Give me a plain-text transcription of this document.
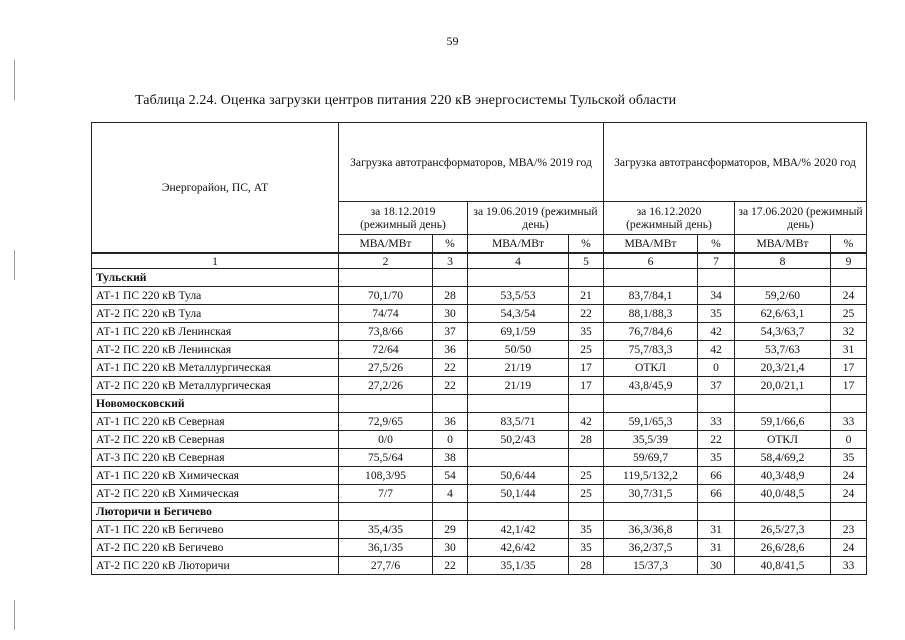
59
Таблица 2.24. Оценка загрузки центров питания 220 кВ энергосистемы Тульской области
Энергорайон, ПС, АТ	Загрузка автотрансформаторов, МВА/% 2019 год				Загрузка автотрансформаторов, МВА/% 2020 год			
	за 18.12.2019 (режимный день)		за 19.06.2019 (режимный день)		за 16.12.2020 (режимный день)		за 17.06.2020 (режимный день)	
	МВА/МВт	%	МВА/МВт	%	МВА/МВт	%	МВА/МВт	%
1	2	3	4	5	6	7	8	9
Тульский								
АТ-1 ПС 220 кВ Тула	70,1/70	28	53,5/53	21	83,7/84,1	34	59,2/60	24
АТ-2 ПС 220 кВ Тула	74/74	30	54,3/54	22	88,1/88,3	35	62,6/63,1	25
АТ-1 ПС 220 кВ Ленинская	73,8/66	37	69,1/59	35	76,7/84,6	42	54,3/63,7	32
АТ-2 ПС 220 кВ Ленинская	72/64	36	50/50	25	75,7/83,3	42	53,7/63	31
АТ-1 ПС 220 кВ Металлургическая	27,5/26	22	21/19	17	ОТКЛ	0	20,3/21,4	17
АТ-2 ПС 220 кВ Металлургическая	27,2/26	22	21/19	17	43,8/45,9	37	20,0/21,1	17
Новомосковский								
АТ-1 ПС 220 кВ Северная	72,9/65	36	83,5/71	42	59,1/65,3	33	59,1/66,6	33
АТ-2 ПС 220 кВ Северная	0/0	0	50,2/43	28	35,5/39	22	ОТКЛ	0
АТ-3 ПС 220 кВ Северная	75,5/64	38			59/69,7	35	58,4/69,2	35
АТ-1 ПС 220 кВ Химическая	108,3/95	54	50,6/44	25	119,5/132,2	66	40,3/48,9	24
АТ-2 ПС 220 кВ Химическая	7/7	4	50,1/44	25	30,7/31,5	66	40,0/48,5	24
Люторичи и Бегичево								
АТ-1 ПС 220 кВ Бегичево	35,4/35	29	42,1/42	35	36,3/36,8	31	26,5/27,3	23
АТ-2 ПС 220 кВ Бегичево	36,1/35	30	42,6/42	35	36,2/37,5	31	26,6/28,6	24
АТ-2 ПС 220 кВ Люторичи	27,7/6	22	35,1/35	28	15/37,3	30	40,8/41,5	33
